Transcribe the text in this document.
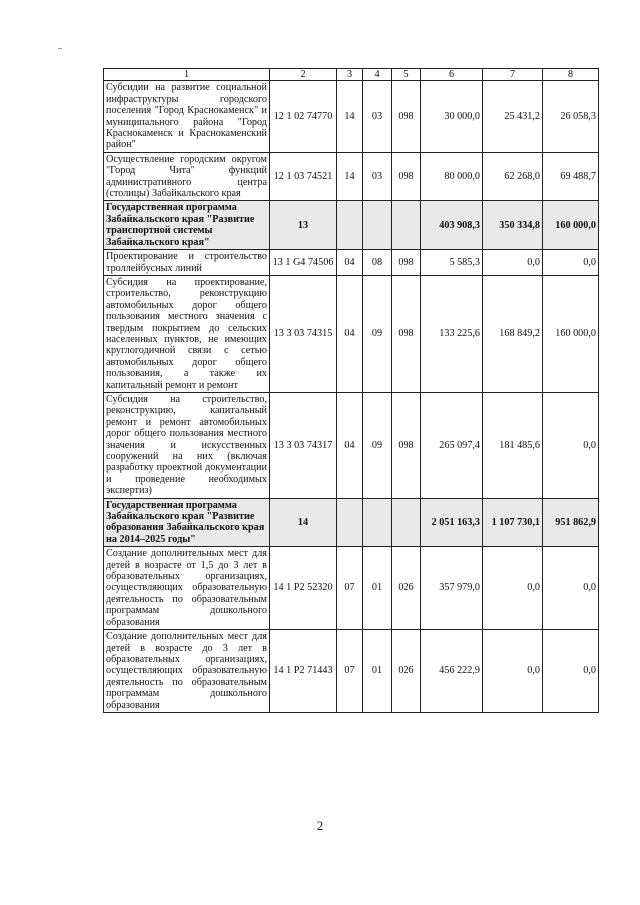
1	2	3	4	5	6	7	8
Субсидии на развитие социальной инфраструктуры городского поселения "Город Краснокаменск" и муниципального района "Город Краснокаменск и Краснокаменский район"	12 1 02 74770	14	03	098	30 000,0	25 431,2	26 058,3
Осуществление городским округом "Город Чита" функций административного центра (столицы) Забайкальского края	12 1 03 74521	14	03	098	80 000,0	62 268,0	69 488,7
Государственная программа Забайкальского края "Развитие транспортной системы Забайкальского края"	13				403 908,3	350 334,8	160 000,0
Проектирование и строительство троллейбусных линий	13 1 G4 74506	04	08	098	5 585,3	0,0	0,0
Субсидия на проектирование, строительство, реконструкцию автомобильных дорог общего пользования местного значения с твердым покрытием до сельских населенных пунктов, не имеющих круглогодичной связи с сетью автомобильных дорог общего пользования, а также их капитальный ремонт и ремонт	13 3 03 74315	04	09	098	133 225,6	168 849,2	160 000,0
Субсидия на строительство, реконструкцию, капитальный ремонт и ремонт автомобильных дорог общего пользования местного значения и искусственных сооружений на них (включая разработку проектной документации и проведение необходимых экспертиз)	13 3 03 74317	04	09	098	265 097,4	181 485,6	0,0
Государственная программа Забайкальского края "Развитие образования Забайкальского края на 2014–2025 годы"	14				2 051 163,3	1 107 730,1	951 862,9
Создание дополнительных мест для детей в возрасте от 1,5 до 3 лет в образовательных организациях, осуществляющих образовательную деятельность по образовательным программам дошкольного образования	14 1 P2 52320	07	01	026	357 979,0	0,0	0,0
Создание дополнительных мест для детей в возрасте до 3 лет в образовательных организациях, осуществляющих образовательную деятельность по образовательным программам дошкольного образования	14 1 P2 71443	07	01	026	456 222,9	0,0	0,0
2
